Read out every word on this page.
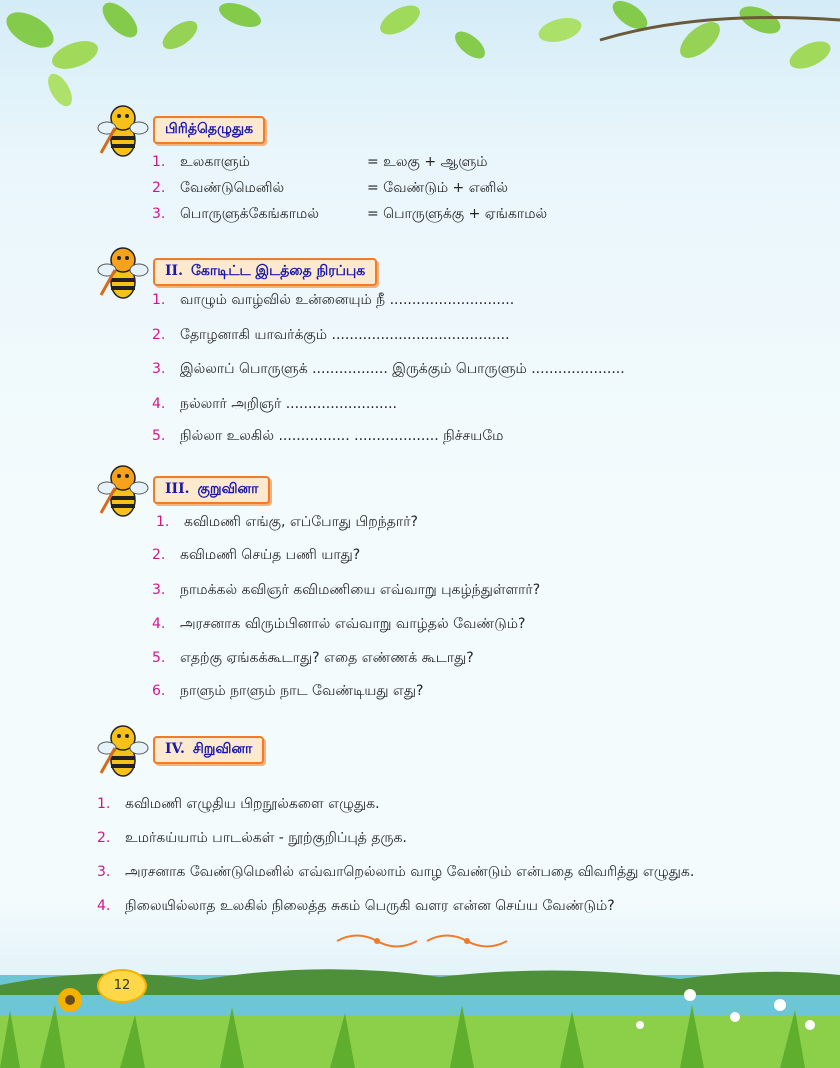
பிரித்தெழுதுக
1. உலகாளும்	= உலகு + ஆளும்
2. வேண்டுமெனில்	= வேண்டும் + எனில்
3. பொருளுக்கேங்காமல்	= பொருளுக்கு + ஏங்காமல்
II. கோடிட்ட இடத்தை நிரப்புக
1. வாழும் வாழ்வில் உன்னையும் நீ ............................
2. தோழனாகி யாவர்க்கும் ........................................
3. இல்லாப் பொருளுக் ................. இருக்கும் பொருளும் .....................
4. நல்லார் அறிஞர் .........................
5. நில்லா உலகில் ................ ................... நிச்சயமே
III. குறுவினா
1. கவிமணி எங்கு, எப்போது பிறந்தார்?
2. கவிமணி செய்த பணி யாது?
3. நாமக்கல் கவிஞர் கவிமணியை எவ்வாறு புகழ்ந்துள்ளார்?
4. அரசனாக விரும்பினால் எவ்வாறு வாழ்தல் வேண்டும்?
5. எதற்கு ஏங்கக்கூடாது? எதை எண்ணக் கூடாது?
6. நாளும் நாளும் நாட வேண்டியது எது?
IV. சிறுவினா
1. கவிமணி எழுதிய பிறநூல்களை எழுதுக.
2. உமர்கய்யாம் பாடல்கள் - நூற்குறிப்புத் தருக.
3. அரசனாக வேண்டுமெனில் எவ்வாறெல்லாம் வாழ வேண்டும் என்பதை விவரித்து எழுதுக.
4. நிலையில்லாத உலகில் நிலைத்த சுகம் பெருகி வளர என்ன செய்ய வேண்டும்?
12
